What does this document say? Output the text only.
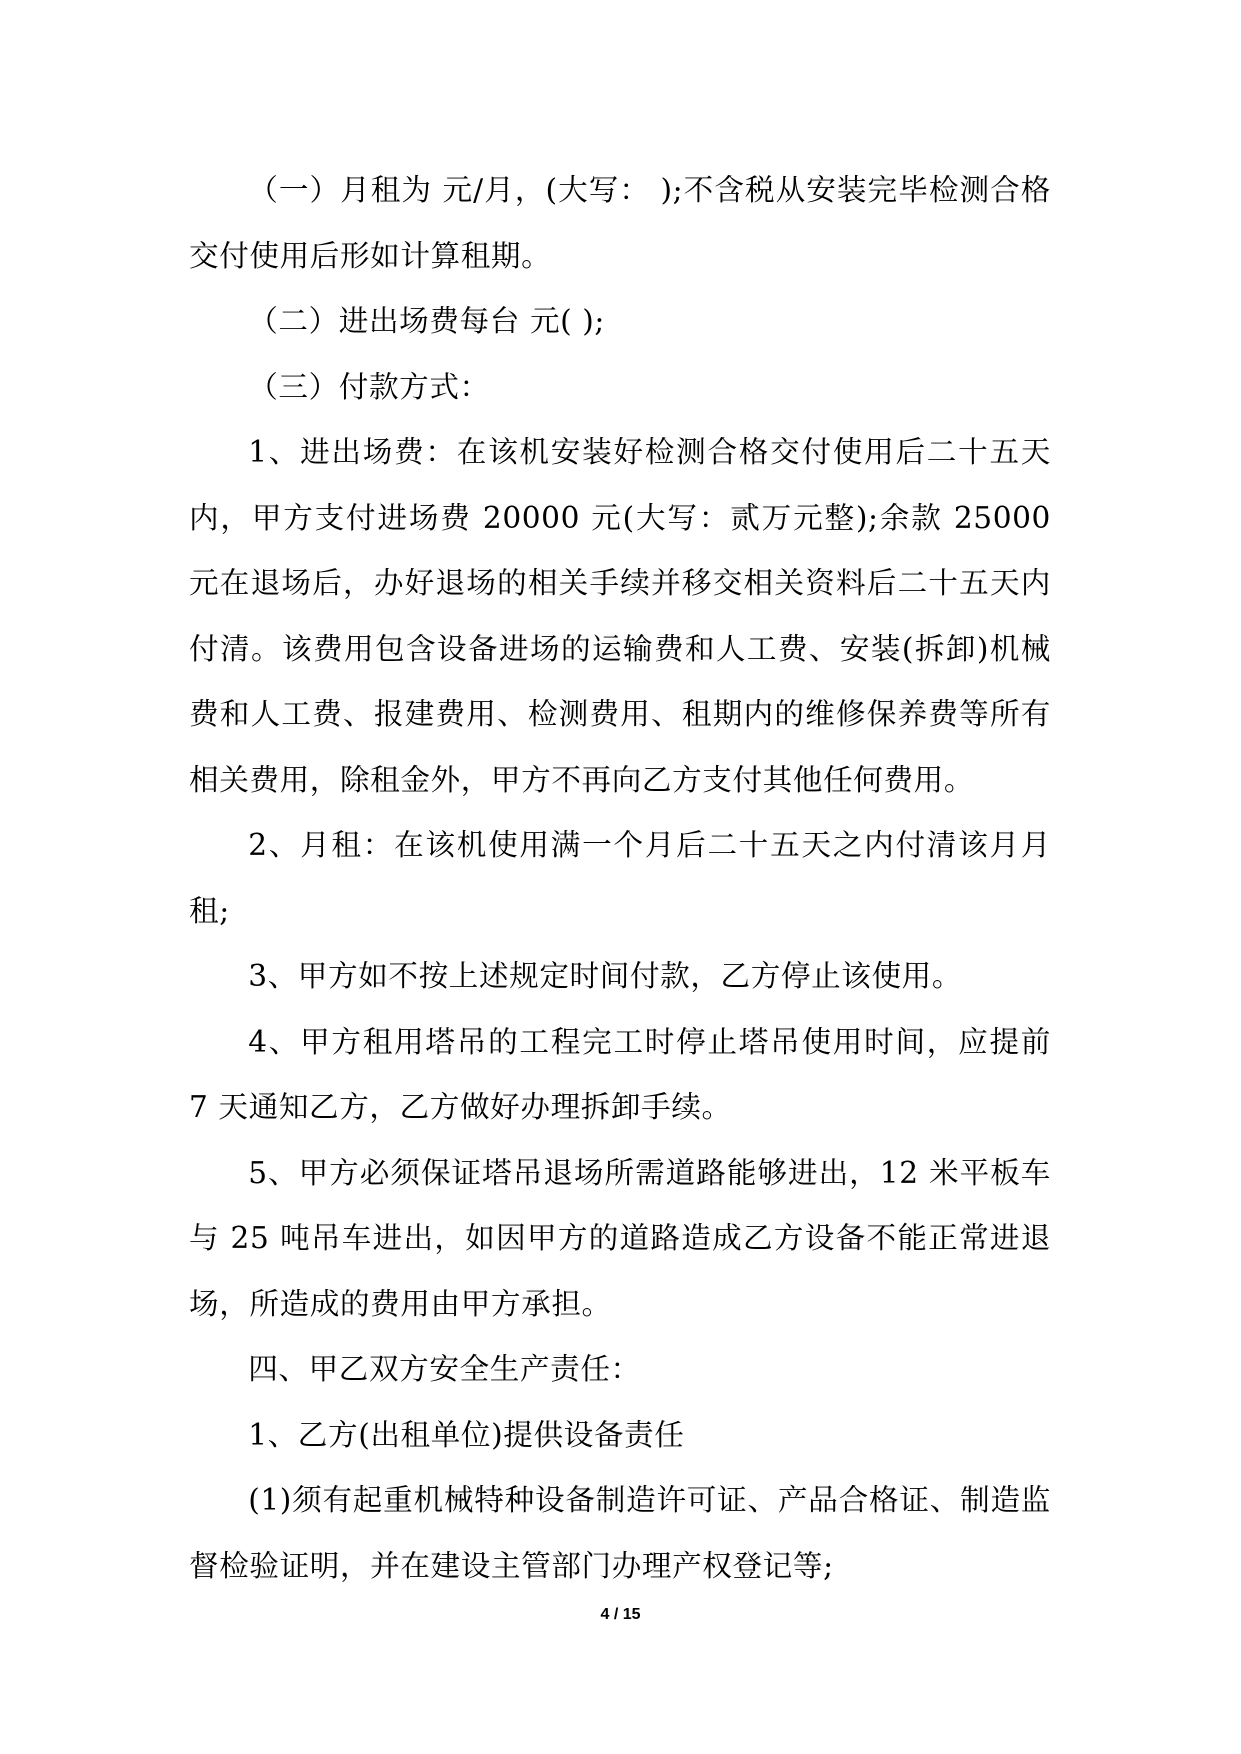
（一）月租为 元/月，(大写： );不含税从安装完毕检测合格交付使用后形如计算租期。

（二）进出场费每台 元( );

（三）付款方式：

1、进出场费：在该机安装好检测合格交付使用后二十五天内，甲方支付进场费 20000 元(大写：贰万元整);余款 25000 元在退场后，办好退场的相关手续并移交相关资料后二十五天内付清。该费用包含设备进场的运输费和人工费、安装(拆卸)机械费和人工费、报建费用、检测费用、租期内的维修保养费等所有相关费用，除租金外，甲方不再向乙方支付其他任何费用。

2、月租：在该机使用满一个月后二十五天之内付清该月月租;

3、甲方如不按上述规定时间付款，乙方停止该使用。

4、甲方租用塔吊的工程完工时停止塔吊使用时间，应提前 7 天通知乙方，乙方做好办理拆卸手续。

5、甲方必须保证塔吊退场所需道路能够进出，12 米平板车与 25 吨吊车进出，如因甲方的道路造成乙方设备不能正常进退场，所造成的费用由甲方承担。

四、甲乙双方安全生产责任：

1、乙方(出租单位)提供设备责任

(1)须有起重机械特种设备制造许可证、产品合格证、制造监督检验证明，并在建设主管部门办理产权登记等;

4 / 15
